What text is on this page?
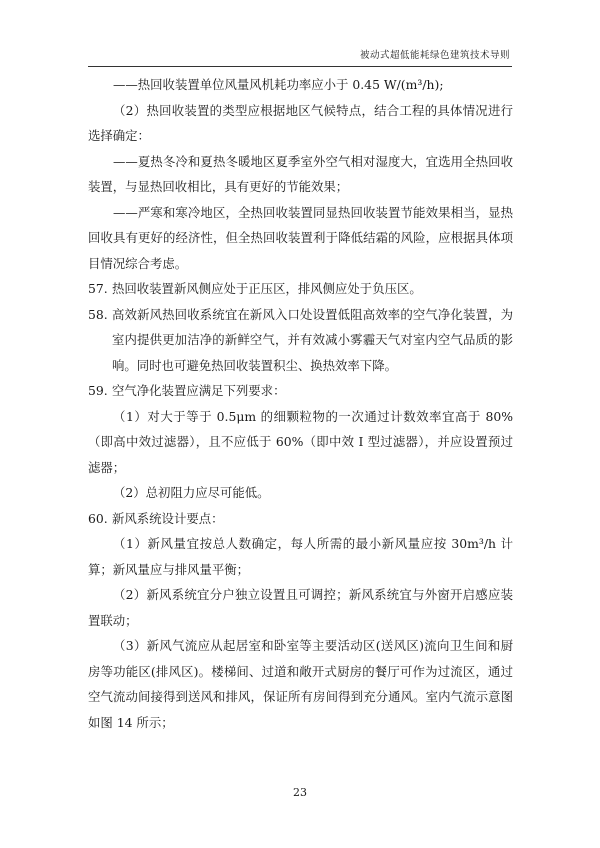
被动式超低能耗绿色建筑技术导则

——热回收装置单位风量风机耗功率应小于 0.45 W/(m³/h);

（2）热回收装置的类型应根据地区气候特点，结合工程的具体情况进行选择确定：

——夏热冬冷和夏热冬暖地区夏季室外空气相对湿度大，宜选用全热回收装置，与显热回收相比，具有更好的节能效果；

——严寒和寒冷地区，全热回收装置同显热回收装置节能效果相当，显热回收具有更好的经济性，但全热回收装置利于降低结霜的风险，应根据具体项目情况综合考虑。

57. 热回收装置新风侧应处于正压区，排风侧应处于负压区。

58. 高效新风热回收系统宜在新风入口处设置低阻高效率的空气净化装置，为室内提供更加洁净的新鲜空气，并有效减小雾霾天气对室内空气品质的影响。同时也可避免热回收装置积尘、换热效率下降。

59. 空气净化装置应满足下列要求：

（1）对大于等于 0.5μm 的细颗粒物的一次通过计数效率宜高于 80%（即高中效过滤器），且不应低于 60%（即中效 I 型过滤器），并应设置预过滤器；

（2）总初阻力应尽可能低。

60. 新风系统设计要点：

（1）新风量宜按总人数确定，每人所需的最小新风量应按 30m³/h 计算；新风量应与排风量平衡；

（2）新风系统宜分户独立设置且可调控；新风系统宜与外窗开启感应装置联动；

（3）新风气流应从起居室和卧室等主要活动区(送风区)流向卫生间和厨房等功能区(排风区)。楼梯间、过道和敞开式厨房的餐厅可作为过流区，通过空气流动间接得到送风和排风，保证所有房间得到充分通风。室内气流示意图如图 14 所示；

23
